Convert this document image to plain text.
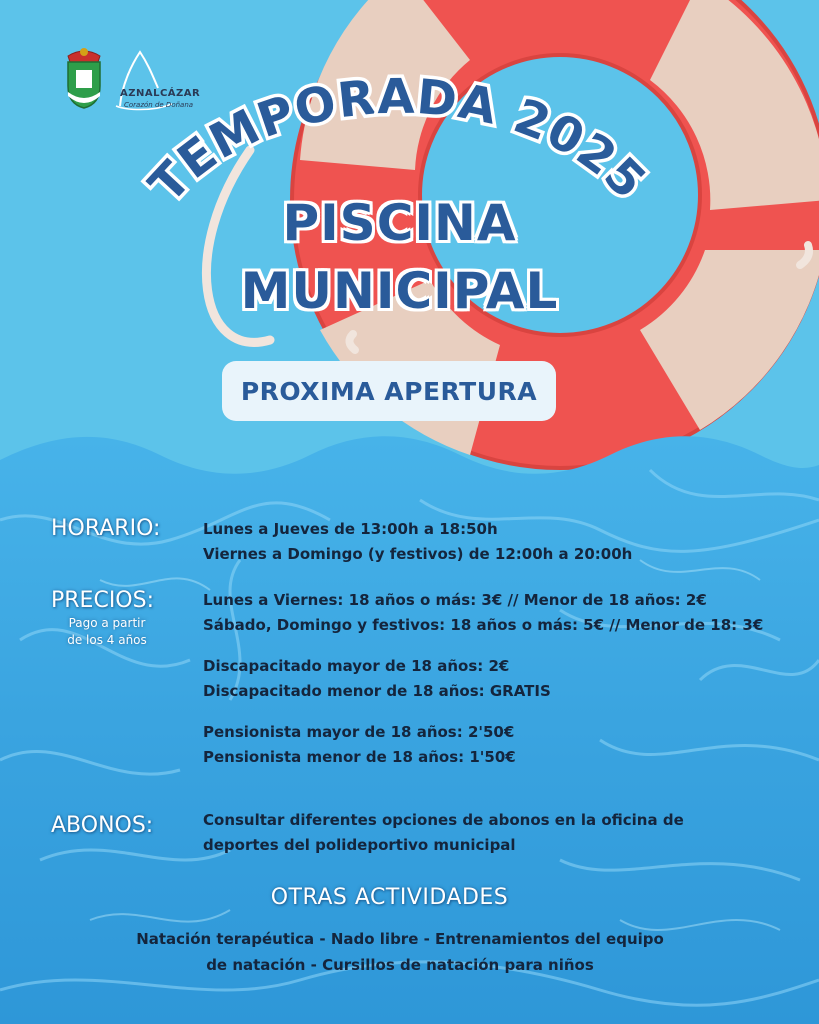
AZNALCÁZAR
Corazón de Doñana
TEMPORADA 2025
PISCINA
MUNICIPAL
PROXIMA APERTURA
HORARIO:	Lunes a Jueves de 13:00h a 18:50h
Viernes a Domingo (y festivos) de 12:00h a 20:00h
PRECIOS:
Pago a partir
de los 4 años
Lunes a Viernes: 18 años o más: 3€ // Menor de 18 años: 2€
Sábado, Domingo y festivos: 18 años o más: 5€ // Menor de 18: 3€
Discapacitado mayor de 18 años: 2€
Discapacitado menor de 18 años: GRATIS
Pensionista mayor de 18 años: 2'50€
Pensionista menor de 18 años: 1'50€
ABONOS:	Consultar diferentes opciones de abonos en la oficina de
deportes del polideportivo municipal
OTRAS ACTIVIDADES
Natación terapéutica - Nado libre - Entrenamientos del equipo
de natación - Cursillos de natación para niños
